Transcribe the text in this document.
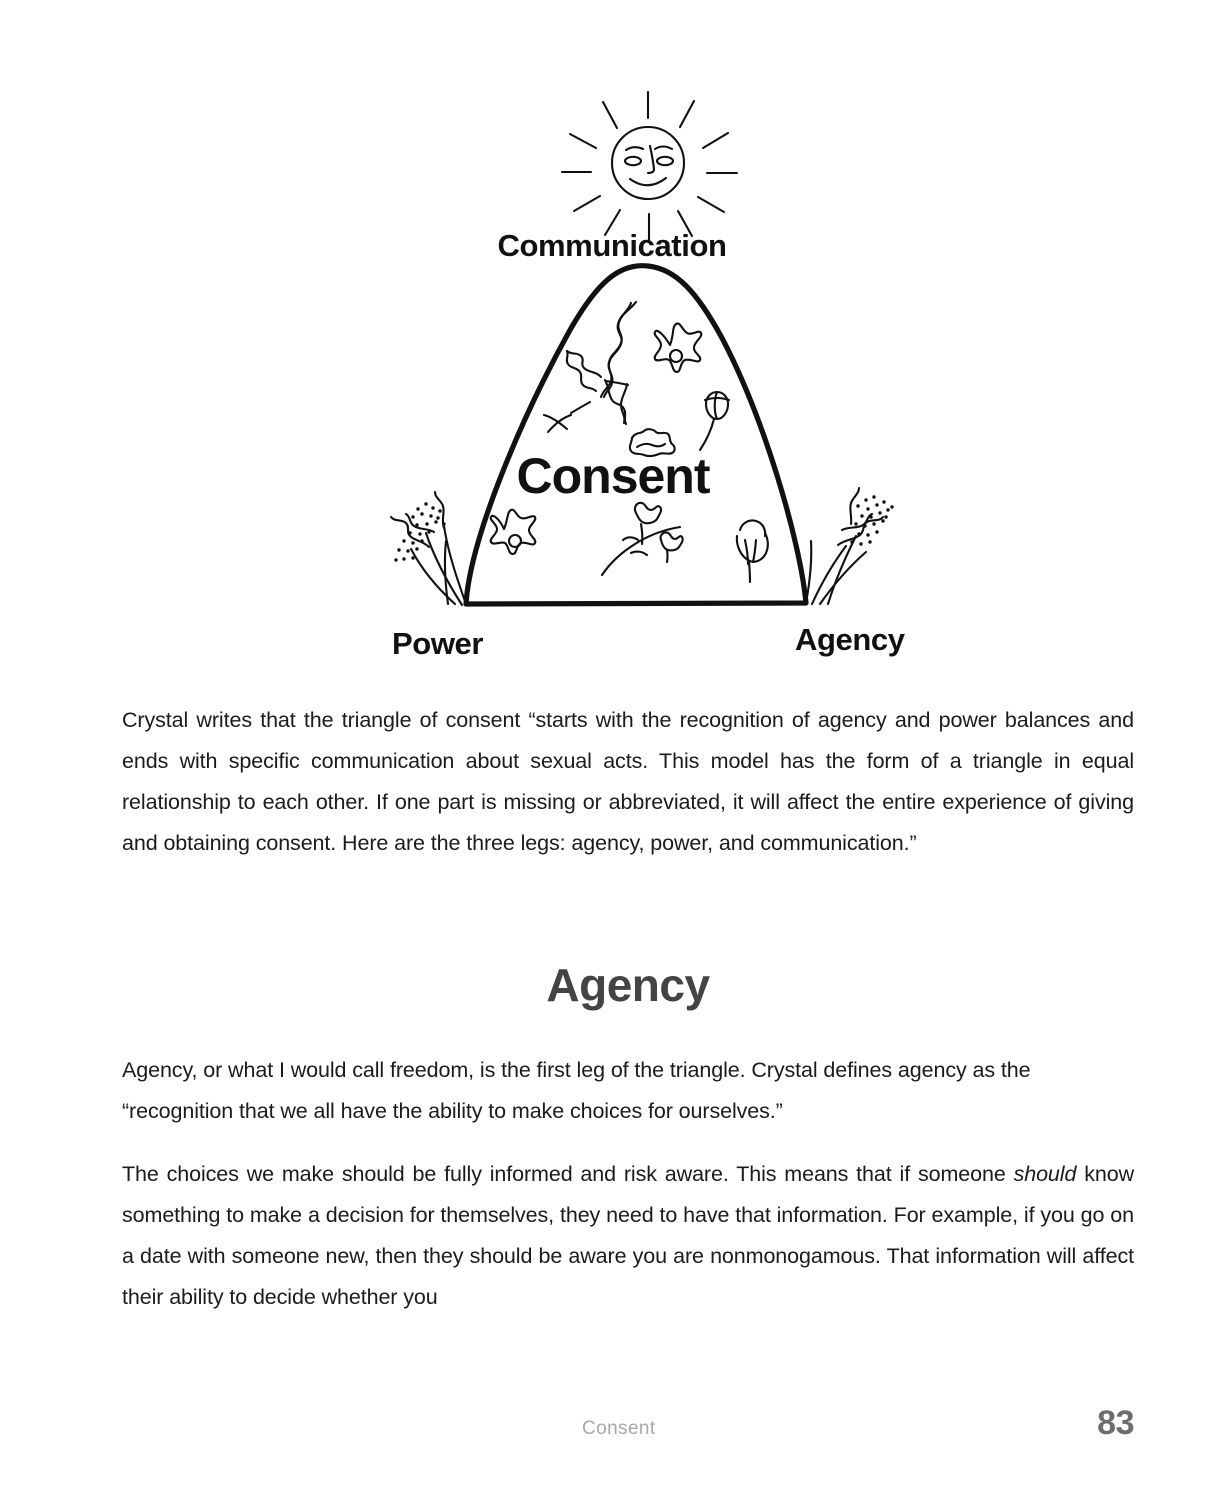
Communication
Consent
Power	Agency

Crystal writes that the triangle of consent “starts with the recognition of agency and power balances and ends with specific communication about sexual acts. This model has the form of a triangle in equal relationship to each other. If one part is missing or abbreviated, it will affect the entire experience of giving and obtaining consent. Here are the three legs: agency, power, and communication.”

Agency

Agency, or what I would call freedom, is the first leg of the triangle. Crystal defines agency as the “recognition that we all have the ability to make choices for ourselves.”

The choices we make should be fully informed and risk aware. This means that if someone should know something to make a decision for themselves, they need to have that information. For example, if you go on a date with someone new, then they should be aware you are nonmonogamous. That information will affect their ability to decide whether you

Consent	83
